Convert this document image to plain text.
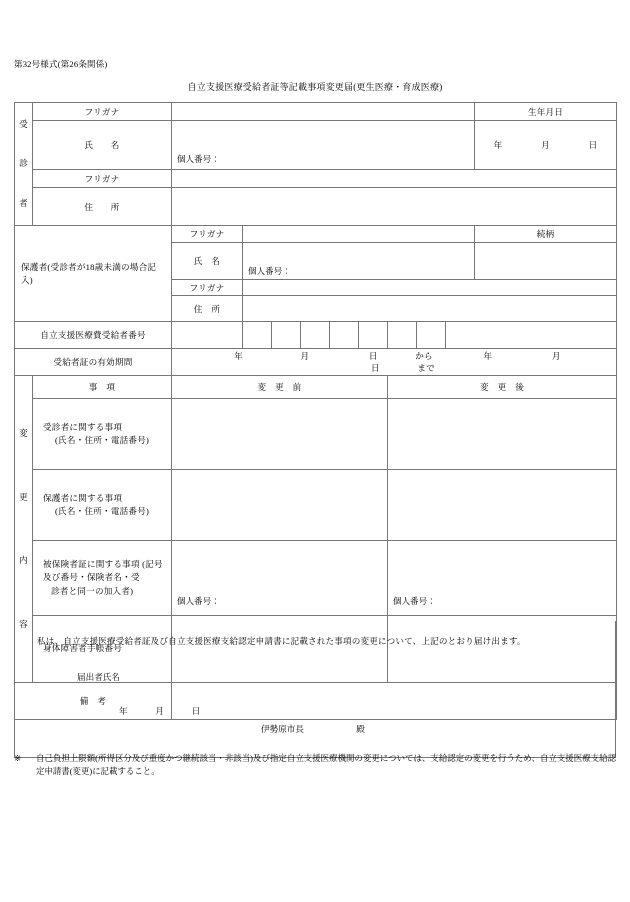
第32号様式(第26条関係)
自立支援医療受給者証等記載事項変更届(更生医療・育成医療)
受
診
者	フリガナ										生年月日
	氏　　名	個人番号：									年 月 日
	フリガナ										
	住　　所										
保護者(受診者が18歳未満の場合記入)		フリガナ									続柄
		氏　名	個人番号：								

		フリガナ									
		住　所									
自立支援医療費受給者番号								

受給者証の有効期間		年 月 日 から 年 月 日 まで									

変
更
内
容	事　項	変　更　前						変　更　後			
	受診者に関する事項
(氏名・住所・電話番号)										

	保護者に関する事項
(氏名・住所・電話番号)										

	被保険者証に関する事項 (記号及び番号・保険者名・受
診者と同一の加入者)	個人番号：						個人番号：			

	身体障害者手帳番号										
備　考											
私は、自立支援医療受給者証及び自立支援医療支給認定申請書に記載された事項の変更について、上記のとおり届け出ます。
届出者氏名
年	月	日
伊勢原市長	殿
※	自己負担上限額(所得区分及び重度かつ継続該当・非該当)及び指定自立支援医療機関の変更については、支給認定の変更を行うため、自立支援医療支給認定申請書(変更)に記載すること。
